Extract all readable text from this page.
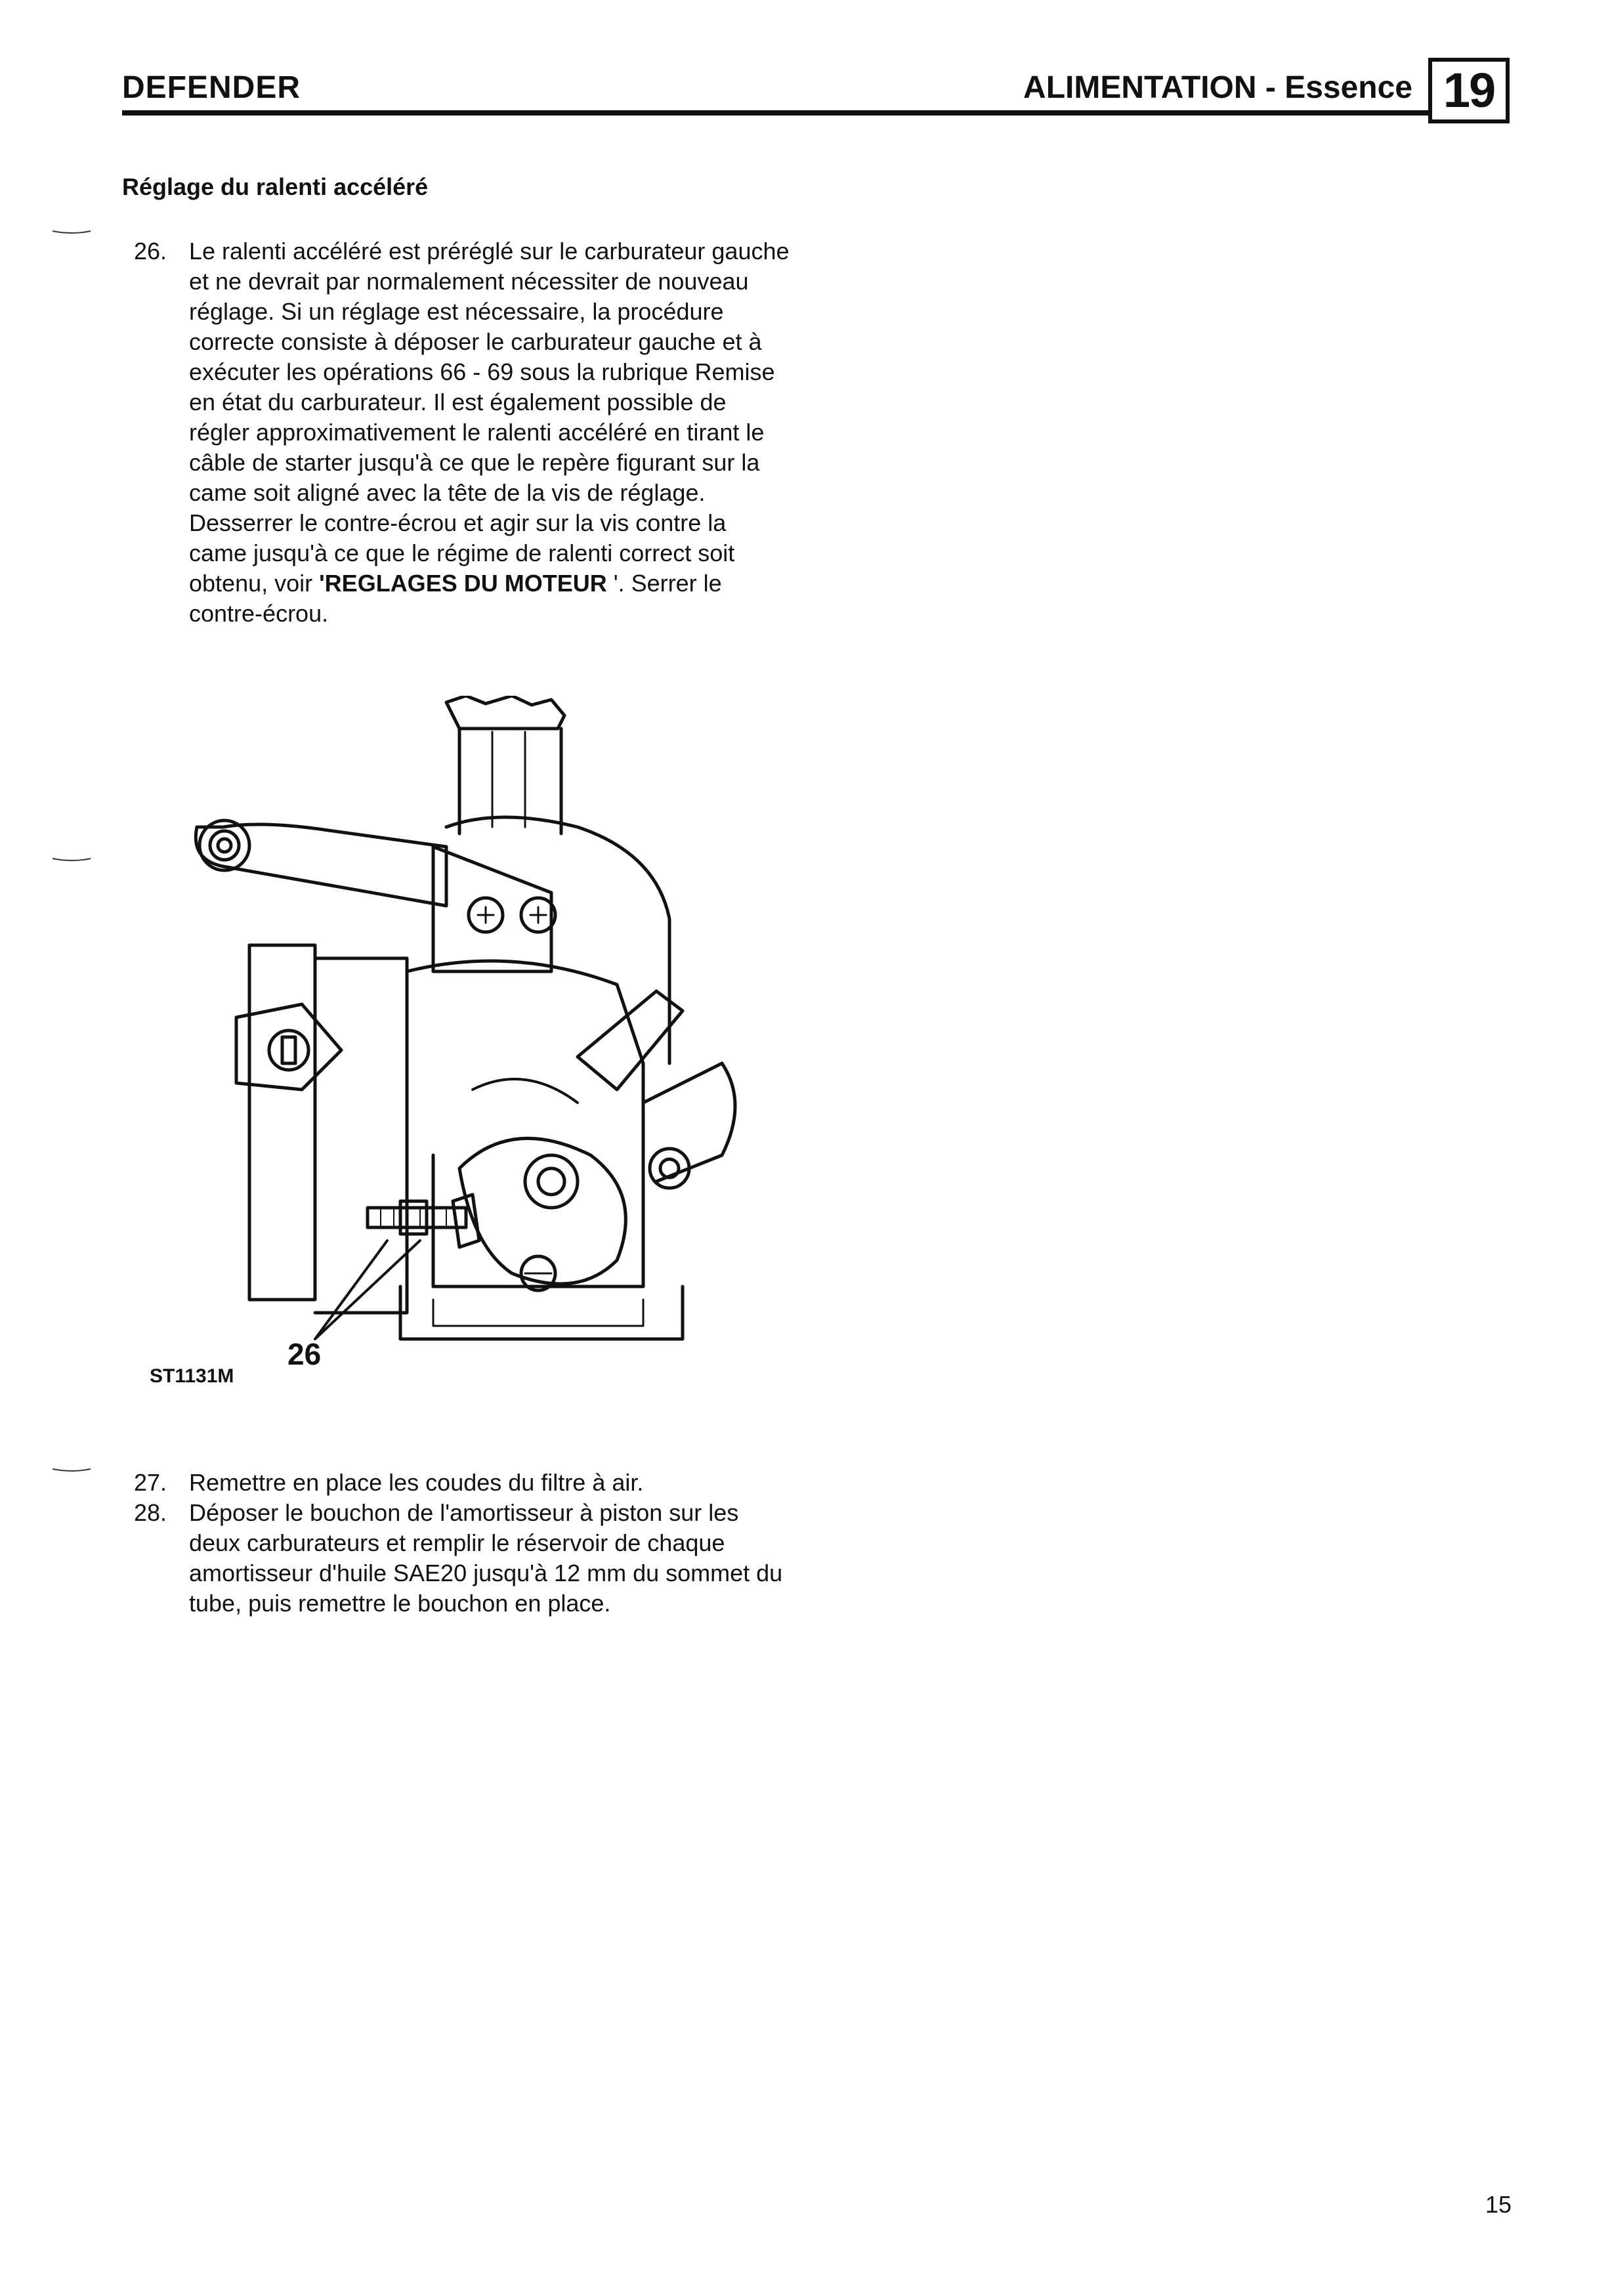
DEFENDER	ALIMENTATION - Essence 19
Réglage du ralenti accéléré
26. Le ralenti accéléré est préréglé sur le carburateur gauche et ne devrait par normalement nécessiter de nouveau réglage. Si un réglage est nécessaire, la procédure correcte consiste à déposer le carburateur gauche et à exécuter les opérations 66 - 69 sous la rubrique Remise en état du carburateur. Il est également possible de régler approximativement le ralenti accéléré en tirant le câble de starter jusqu'à ce que le repère figurant sur la came soit aligné avec la tête de la vis de réglage. Desserrer le contre-écrou et agir sur la vis contre la came jusqu'à ce que le régime de ralenti correct soit obtenu, voir 'REGLAGES DU MOTEUR '. Serrer le contre-écrou.
ST1131M
26
27. Remettre en place les coudes du filtre à air.
28. Déposer le bouchon de l'amortisseur à piston sur les deux carburateurs et remplir le réservoir de chaque amortisseur d'huile SAE20 jusqu'à 12 mm du sommet du tube, puis remettre le bouchon en place.
15
